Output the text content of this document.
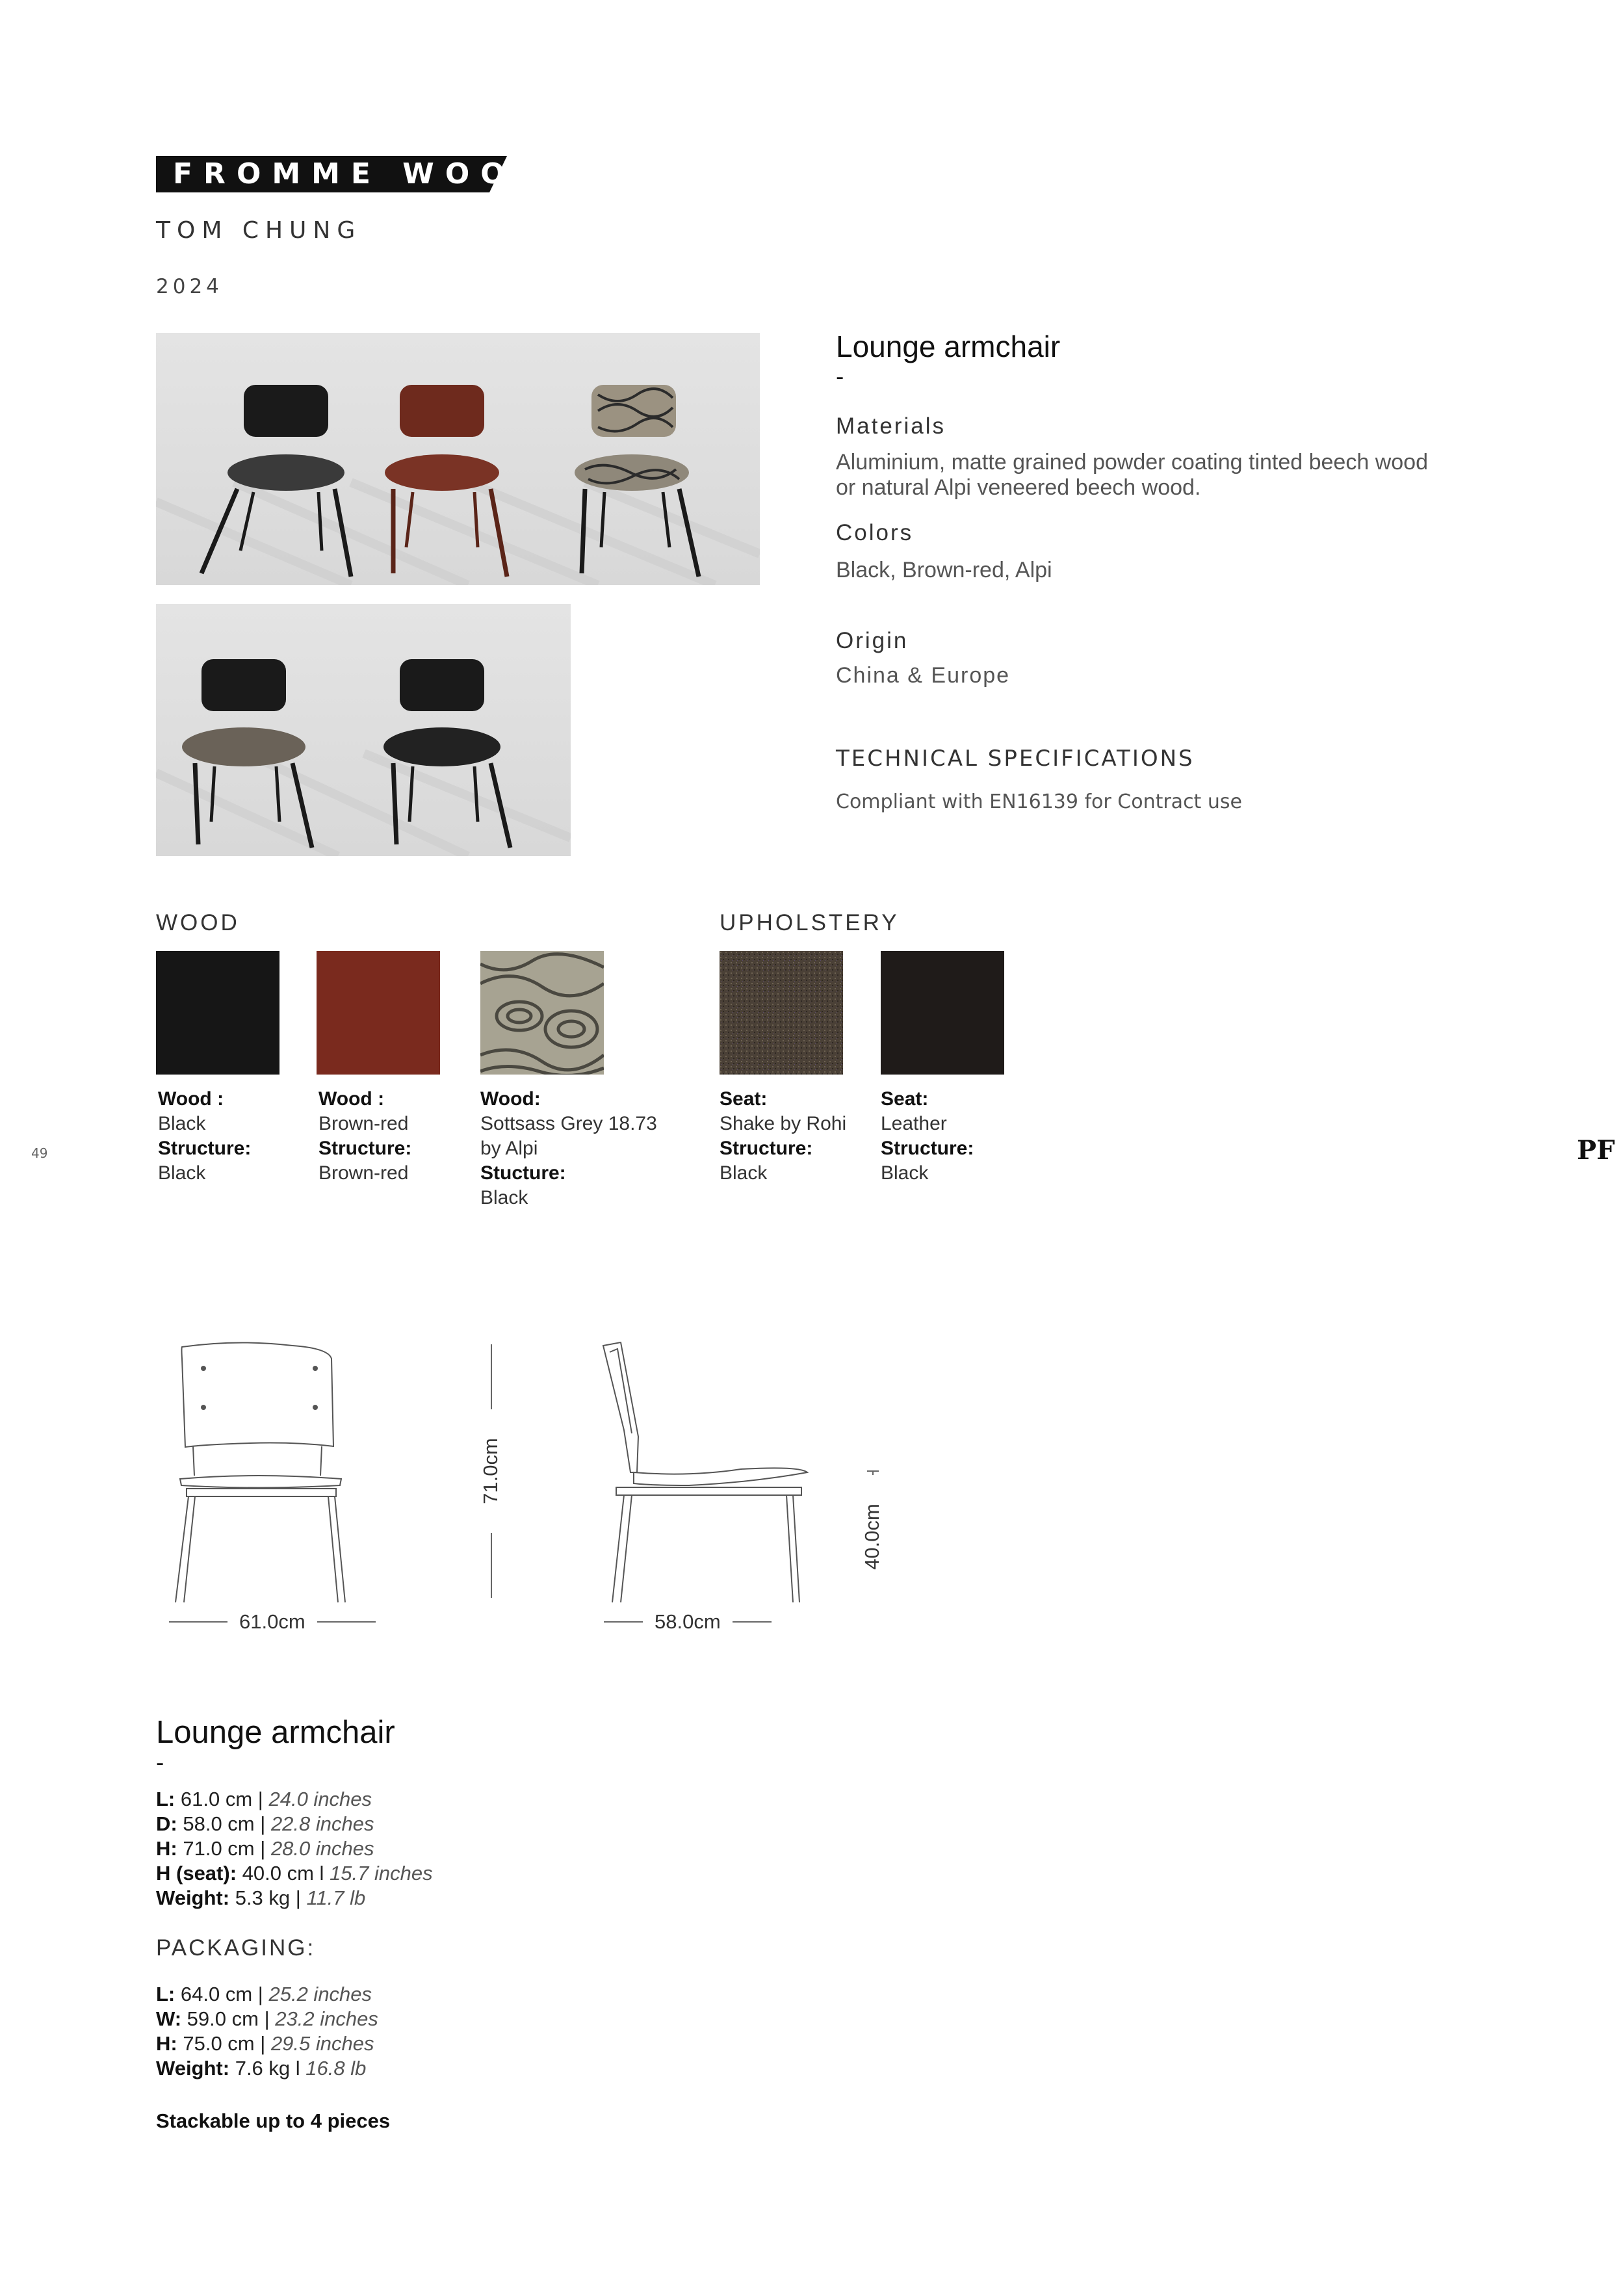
FROMME WOOD
TOM CHUNG
2024
Lounge armchair
-
Materials
Aluminium, matte grained powder coating tinted beech wood
or natural Alpi veneered beech wood.
Colors
Black, Brown-red, Alpi
Origin
China & Europe
TECHNICAL SPECIFICATIONS
Compliant with EN16139 for Contract use
WOOD	UPHOLSTERY
Wood :
Black
Structure:
Black
Wood :
Brown-red
Structure:
Brown-red
Wood:
Sottsass Grey 18.73
by Alpi
Stucture:
Black
Seat:
Shake by Rohi
Structure:
Black
Seat:
Leather
Structure:
Black
49	PF
61.0cm	58.0cm
71.0cm
40.0cm
Lounge armchair
-
L: 61.0 cm | 24.0 inches
D: 58.0 cm | 22.8 inches
H: 71.0 cm | 28.0 inches
H (seat): 40.0 cm l 15.7 inches
Weight: 5.3 kg | 11.7 lb
PACKAGING:
L: 64.0 cm | 25.2 inches
W: 59.0 cm | 23.2 inches
H: 75.0 cm | 29.5 inches
Weight: 7.6 kg l 16.8 lb
Stackable up to 4 pieces
